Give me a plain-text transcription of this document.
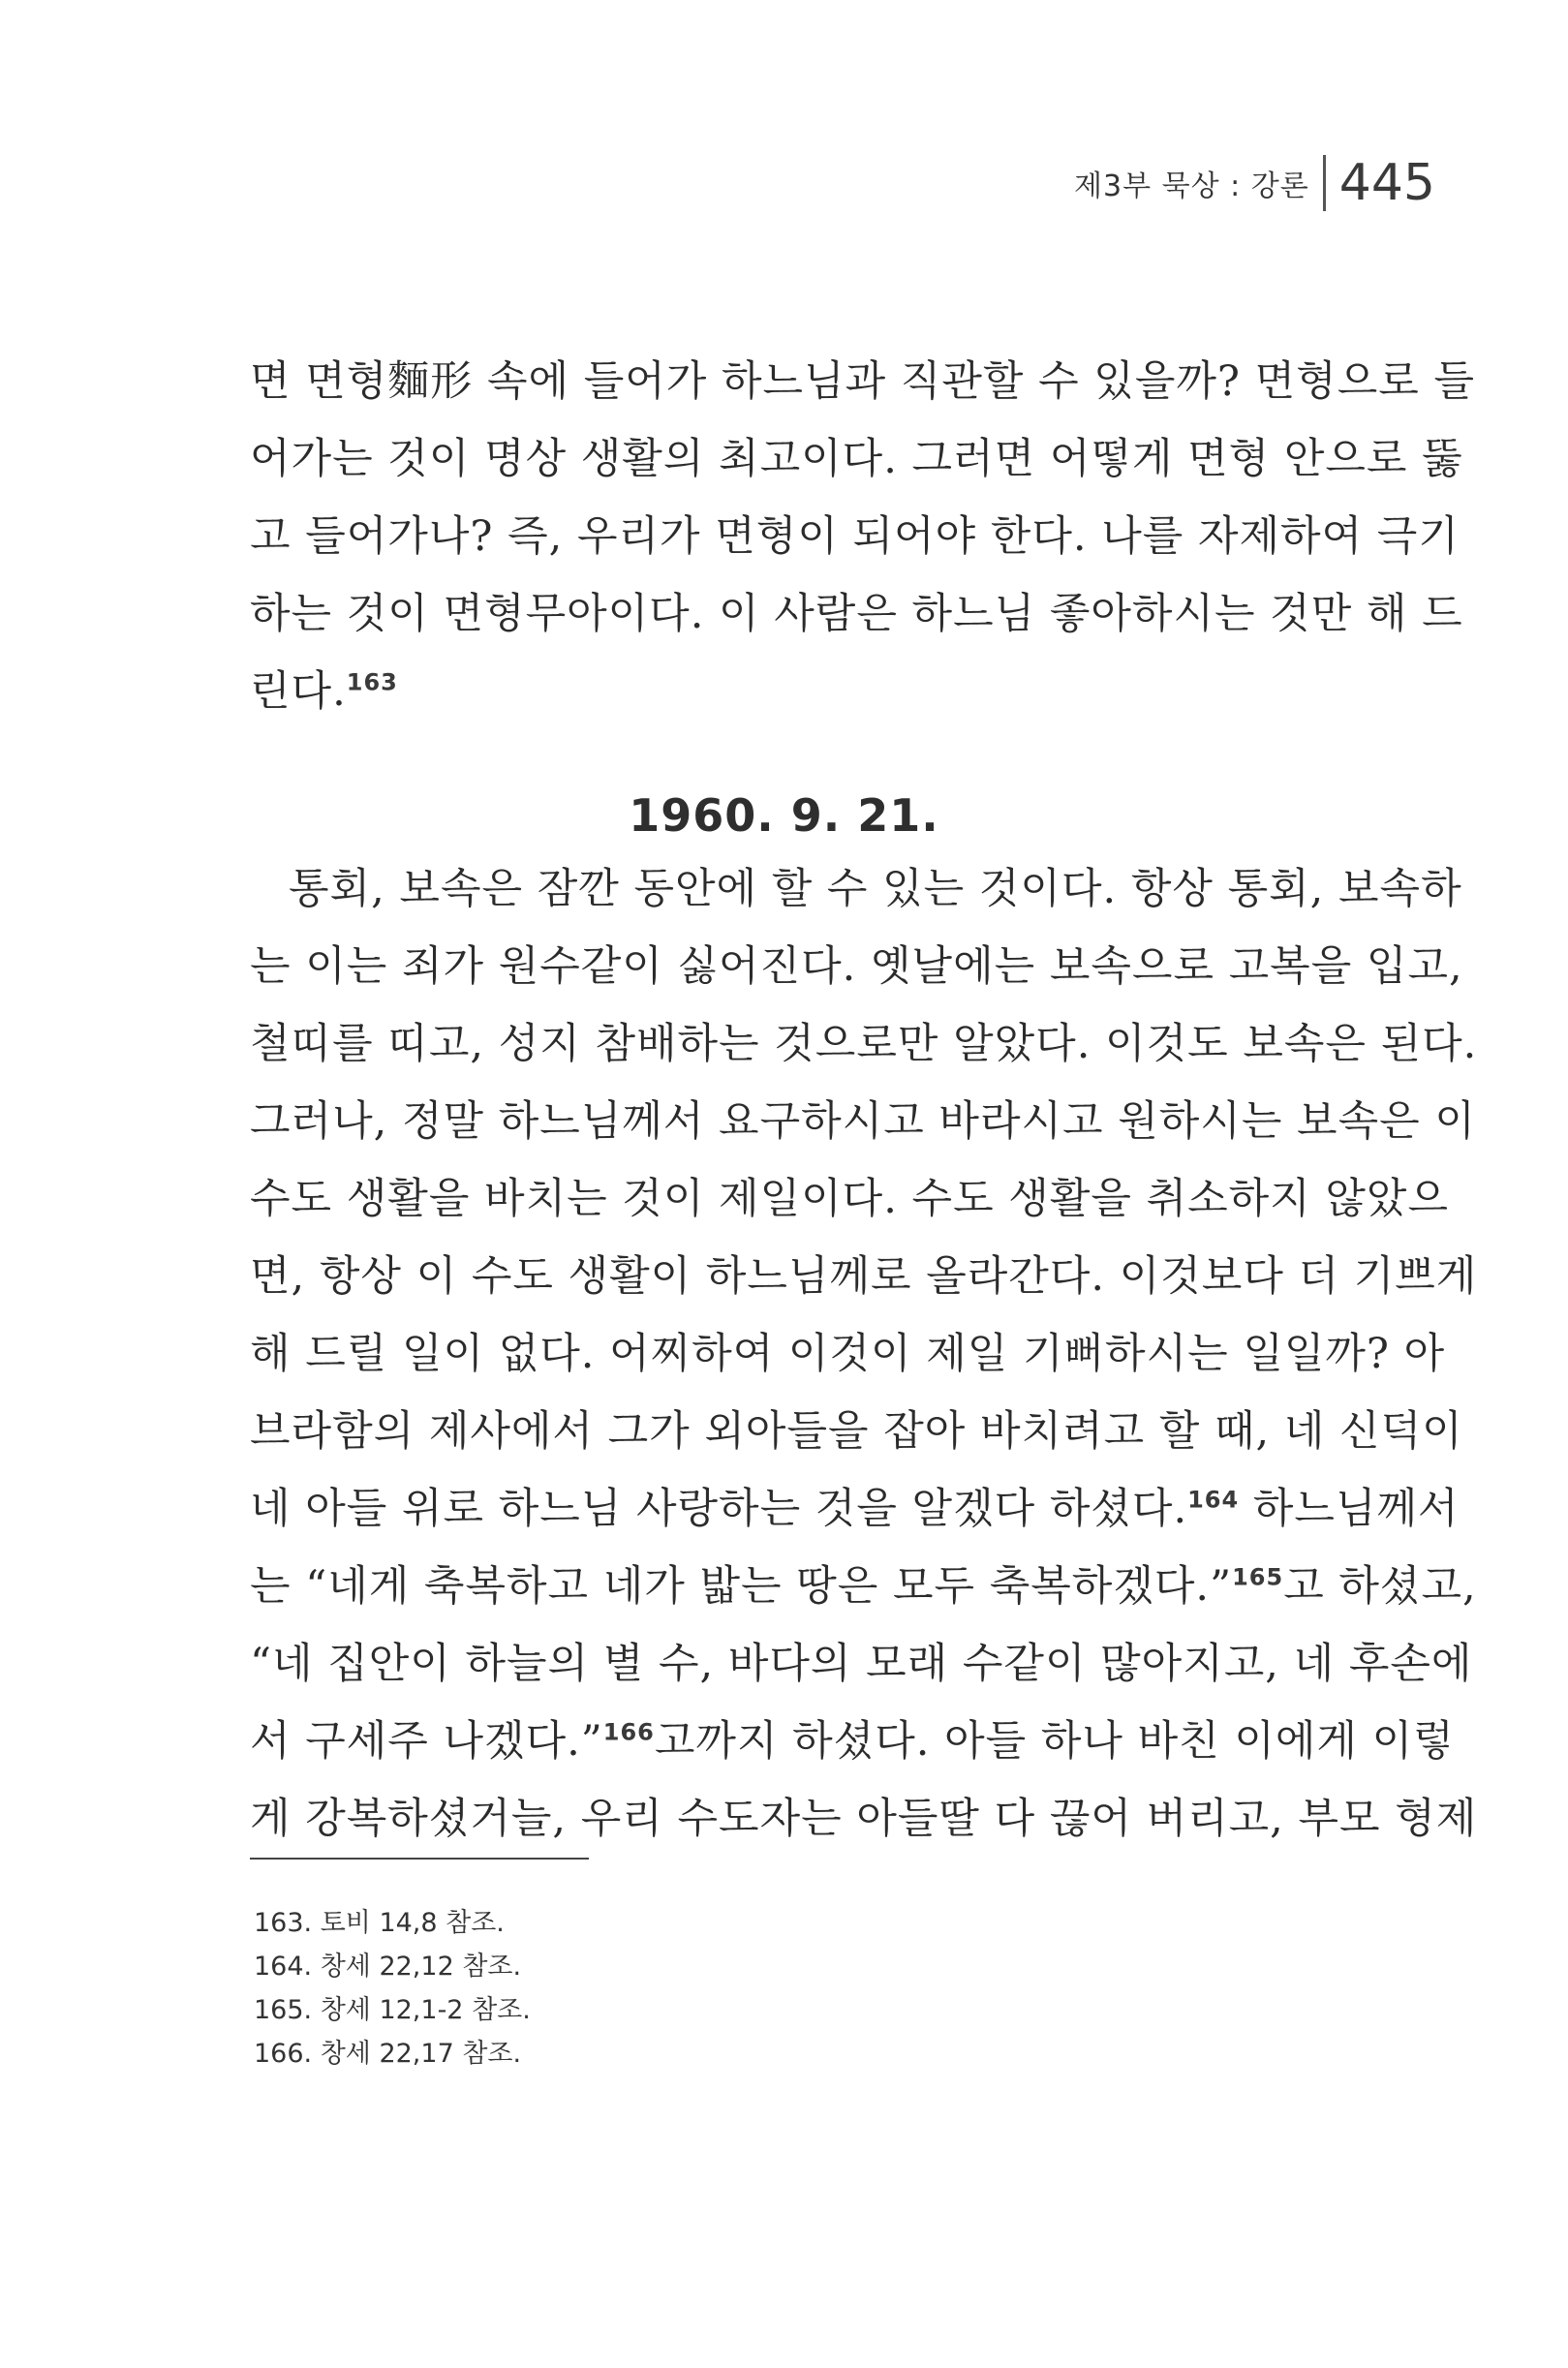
제3부 묵상 : 강론 445
면 면형麵形 속에 들어가 하느님과 직관할 수 있을까? 면형으로 들
어가는 것이 명상 생활의 최고이다. 그러면 어떻게 면형 안으로 뚫
고 들어가나? 즉, 우리가 면형이 되어야 한다. 나를 자제하여 극기
하는 것이 면형무아이다. 이 사람은 하느님 좋아하시는 것만 해 드
린다.$^{163}$
1960. 9. 21.
통회, 보속은 잠깐 동안에 할 수 있는 것이다. 항상 통회, 보속하
는 이는 죄가 원수같이 싫어진다. 옛날에는 보속으로 고복을 입고,
철띠를 띠고, 성지 참배하는 것으로만 알았다. 이것도 보속은 된다.
그러나, 정말 하느님께서 요구하시고 바라시고 원하시는 보속은 이
수도 생활을 바치는 것이 제일이다. 수도 생활을 취소하지 않았으
면, 항상 이 수도 생활이 하느님께로 올라간다. 이것보다 더 기쁘게
해 드릴 일이 없다. 어찌하여 이것이 제일 기뻐하시는 일일까? 아
브라함의 제사에서 그가 외아들을 잡아 바치려고 할 때, 네 신덕이
네 아들 위로 하느님 사랑하는 것을 알겠다 하셨다.$^{164}$ 하느님께서
는 “네게 축복하고 네가 밟는 땅은 모두 축복하겠다.”$^{165}$고 하셨고,
“네 집안이 하늘의 별 수, 바다의 모래 수같이 많아지고, 네 후손에
서 구세주 나겠다.”$^{166}$고까지 하셨다. 아들 하나 바친 이에게 이렇
게 강복하셨거늘, 우리 수도자는 아들딸 다 끊어 버리고, 부모 형제
163. 토비 14,8 참조.
164. 창세 22,12 참조.
165. 창세 12,1-2 참조.
166. 창세 22,17 참조.
